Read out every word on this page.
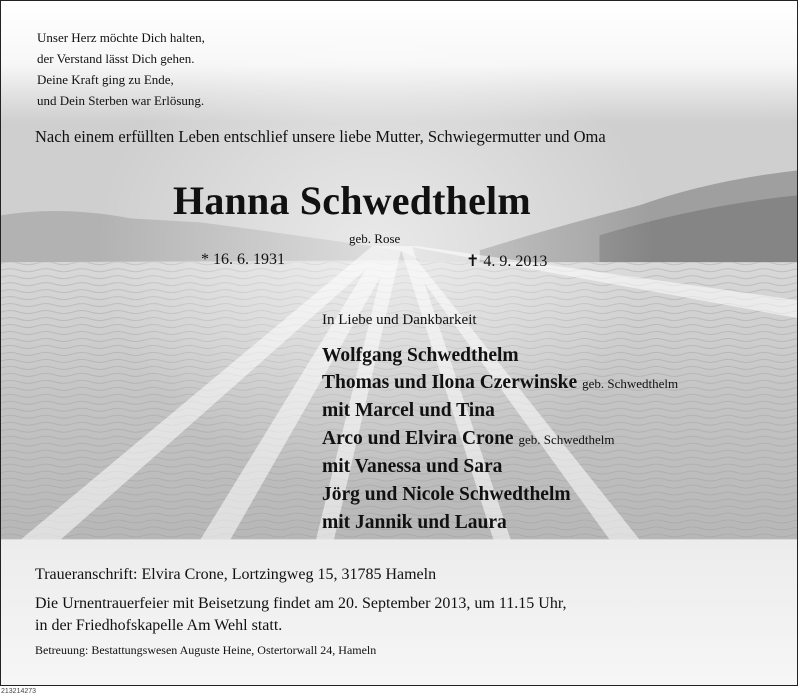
Unser Herz möchte Dich halten,
der Verstand lässt Dich gehen.
Deine Kraft ging zu Ende,
und Dein Sterben war Erlösung.
Nach einem erfüllten Leben entschlief unsere liebe Mutter, Schwiegermutter und Oma
Hanna Schwedthelm
geb. Rose
* 16. 6. 1931	✝ 4. 9. 2013
In Liebe und Dankbarkeit
Wolfgang Schwedthelm
Thomas und Ilona Czerwinske geb. Schwedthelm
mit Marcel und Tina
Arco und Elvira Crone geb. Schwedthelm
mit Vanessa und Sara
Jörg und Nicole Schwedthelm
mit Jannik und Laura
Traueranschrift: Elvira Crone, Lortzingweg 15, 31785 Hameln
Die Urnentrauerfeier mit Beisetzung findet am 20. September 2013, um 11.15 Uhr,
in der Friedhofskapelle Am Wehl statt.
Betreuung: Bestattungswesen Auguste Heine, Ostertorwall 24, Hameln
213214273
